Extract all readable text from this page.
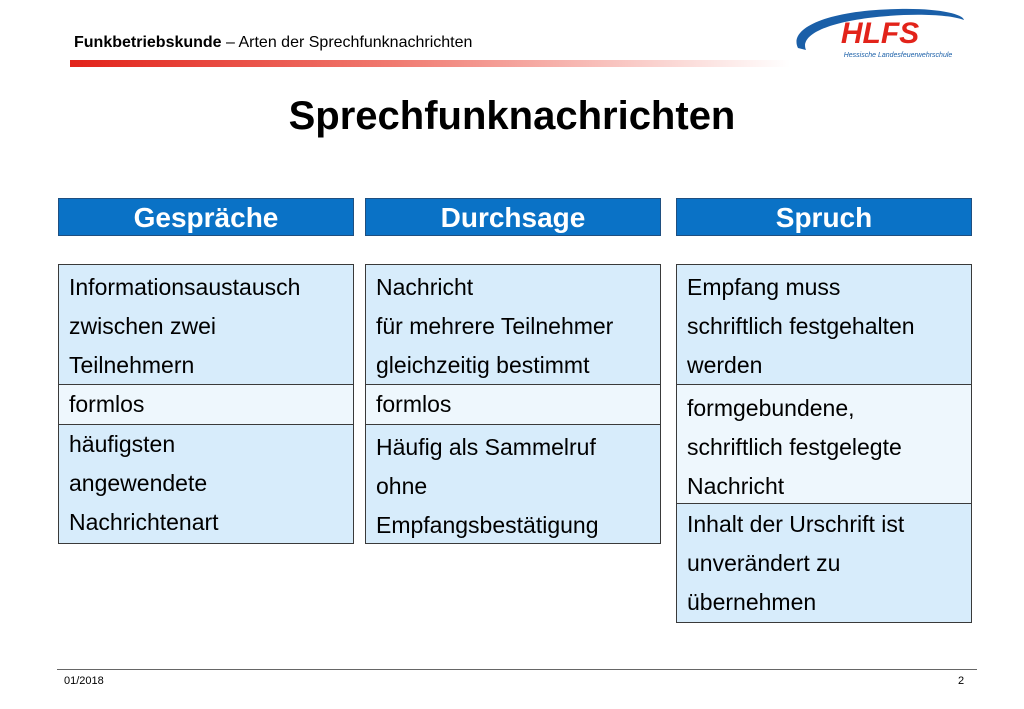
Funkbetriebskunde – Arten der Sprechfunknachrichten	HLFS
Hessische Landesfeuerwehrschule
Sprechfunknachrichten
Gespräche
Informationsaustausch
zwischen zwei
Teilnehmern
formlos
häufigsten
angewendete
Nachrichtenart
Durchsage
Nachricht
für mehrere Teilnehmer
gleichzeitig bestimmt
formlos
Häufig als Sammelruf
ohne
Empfangsbestätigung
Spruch
Empfang muss
schriftlich festgehalten
werden
formgebundene,
schriftlich festgelegte
Nachricht
Inhalt der Urschrift ist
unverändert zu
übernehmen
01/2018	2
